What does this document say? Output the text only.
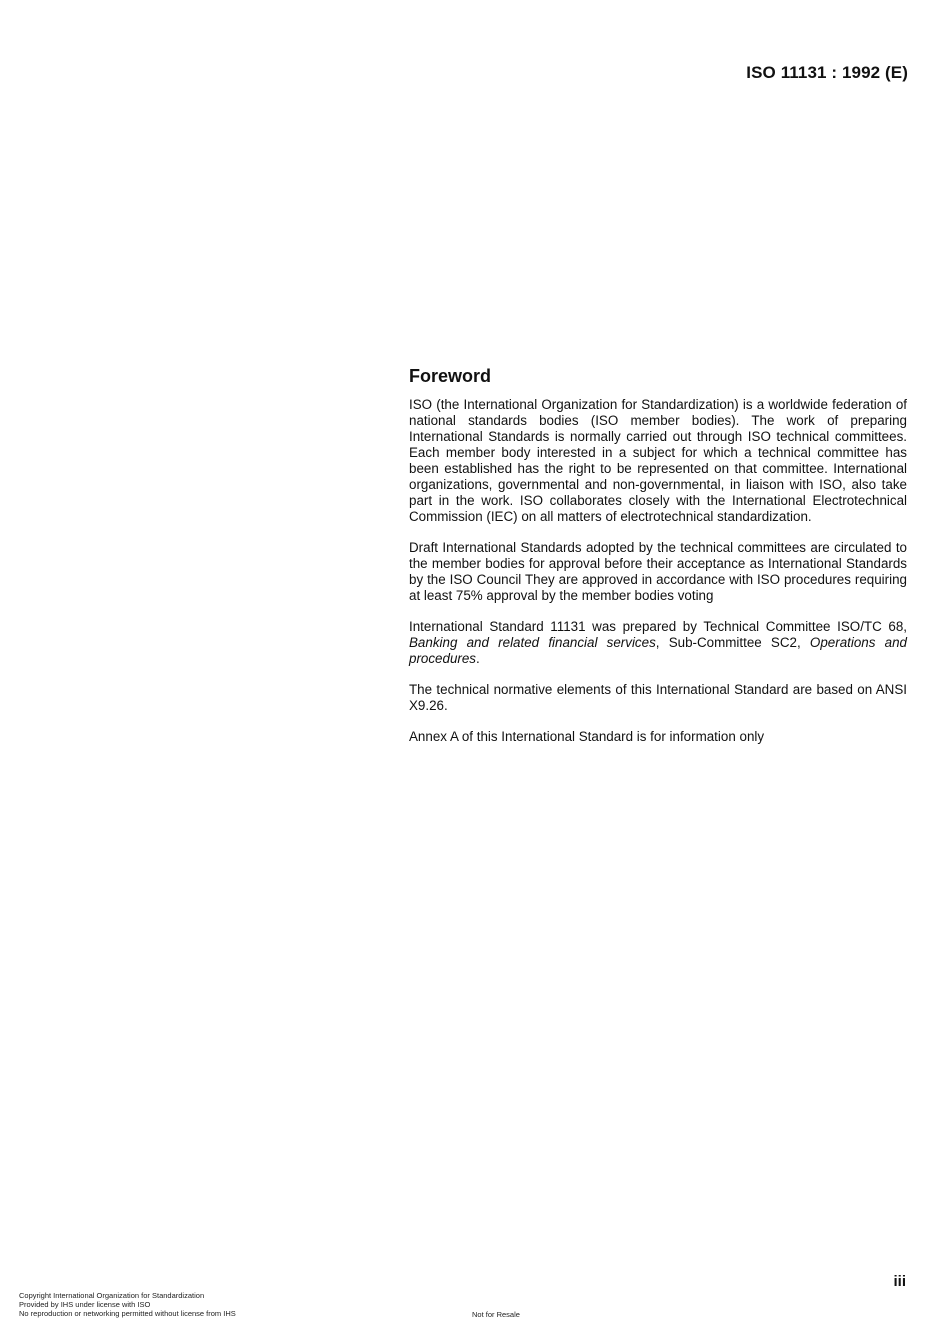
ISO 11131 : 1992 (E)
Foreword

ISO (the International Organization for Standardization) is a worldwide federation of national standards bodies (ISO member bodies). The work of preparing International Standards is normally carried out through ISO technical committees. Each member body interested in a subject for which a technical committee has been established has the right to be represented on that committee. International organizations, governmental and non-governmental, in liaison with ISO, also take part in the work. ISO collaborates closely with the International Electrotechnical Commission (IEC) on all matters of electrotechnical standardization.

Draft International Standards adopted by the technical committees are circulated to the member bodies for approval before their acceptance as International Standards by the ISO Council They are approved in accordance with ISO procedures requiring at least 75% approval by the member bodies voting

International Standard 11131 was prepared by Technical Committee ISO/TC 68, Banking and related financial services, Sub-Committee SC2, Operations and procedures.

The technical normative elements of this International Standard are based on ANSI X9.26.

Annex A of this International Standard is for information only

iii
Copyright International Organization for Standardization
Provided by IHS under license with ISO
No reproduction or networking permitted without license from IHS	Not for Resale
